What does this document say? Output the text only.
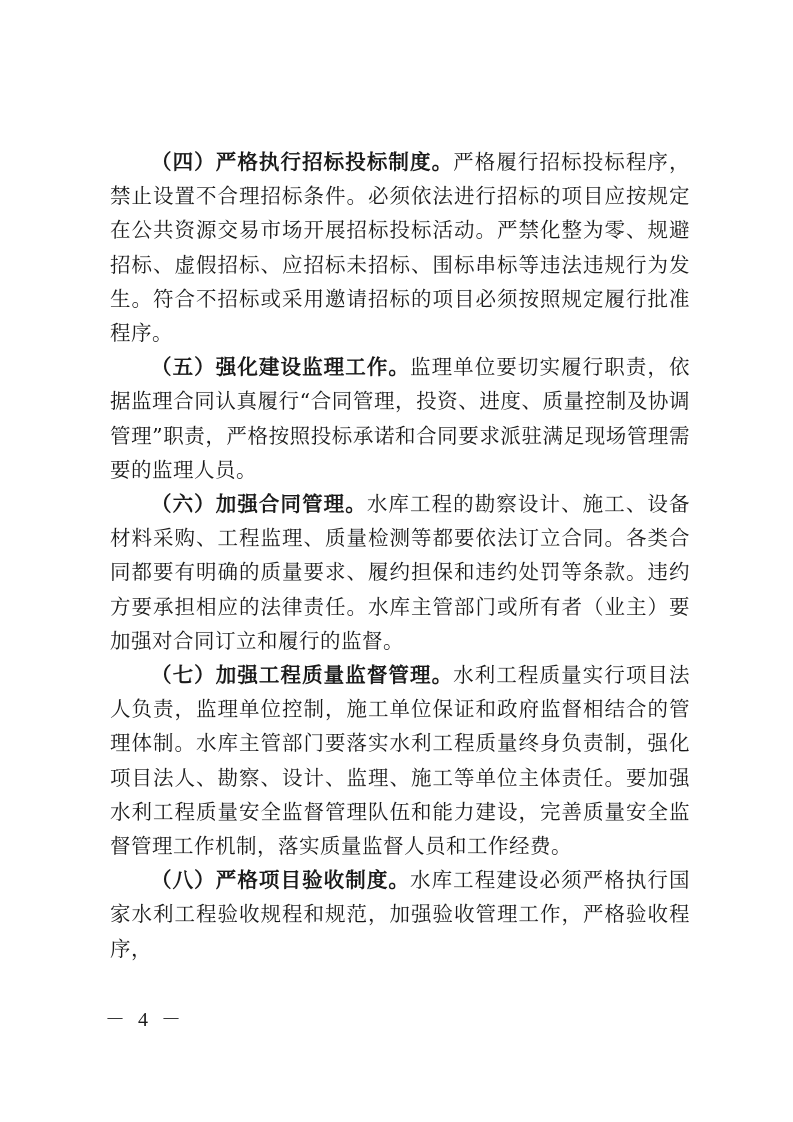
（四）严格执行招标投标制度。严格履行招标投标程序，禁止设置不合理招标条件。必须依法进行招标的项目应按规定在公共资源交易市场开展招标投标活动。严禁化整为零、规避招标、虚假招标、应招标未招标、围标串标等违法违规行为发生。符合不招标或采用邀请招标的项目必须按照规定履行批准程序。

（五）强化建设监理工作。监理单位要切实履行职责，依据监理合同认真履行“合同管理，投资、进度、质量控制及协调管理”职责，严格按照投标承诺和合同要求派驻满足现场管理需要的监理人员。

（六）加强合同管理。水库工程的勘察设计、施工、设备材料采购、工程监理、质量检测等都要依法订立合同。各类合同都要有明确的质量要求、履约担保和违约处罚等条款。违约方要承担相应的法律责任。水库主管部门或所有者（业主）要加强对合同订立和履行的监督。

（七）加强工程质量监督管理。水利工程质量实行项目法人负责，监理单位控制，施工单位保证和政府监督相结合的管理体制。水库主管部门要落实水利工程质量终身负责制，强化项目法人、勘察、设计、监理、施工等单位主体责任。要加强水利工程质量安全监督管理队伍和能力建设，完善质量安全监督管理工作机制，落实质量监督人员和工作经费。

（八）严格项目验收制度。水库工程建设必须严格执行国家水利工程验收规程和规范，加强验收管理工作，严格验收程序，

－ 4 －
